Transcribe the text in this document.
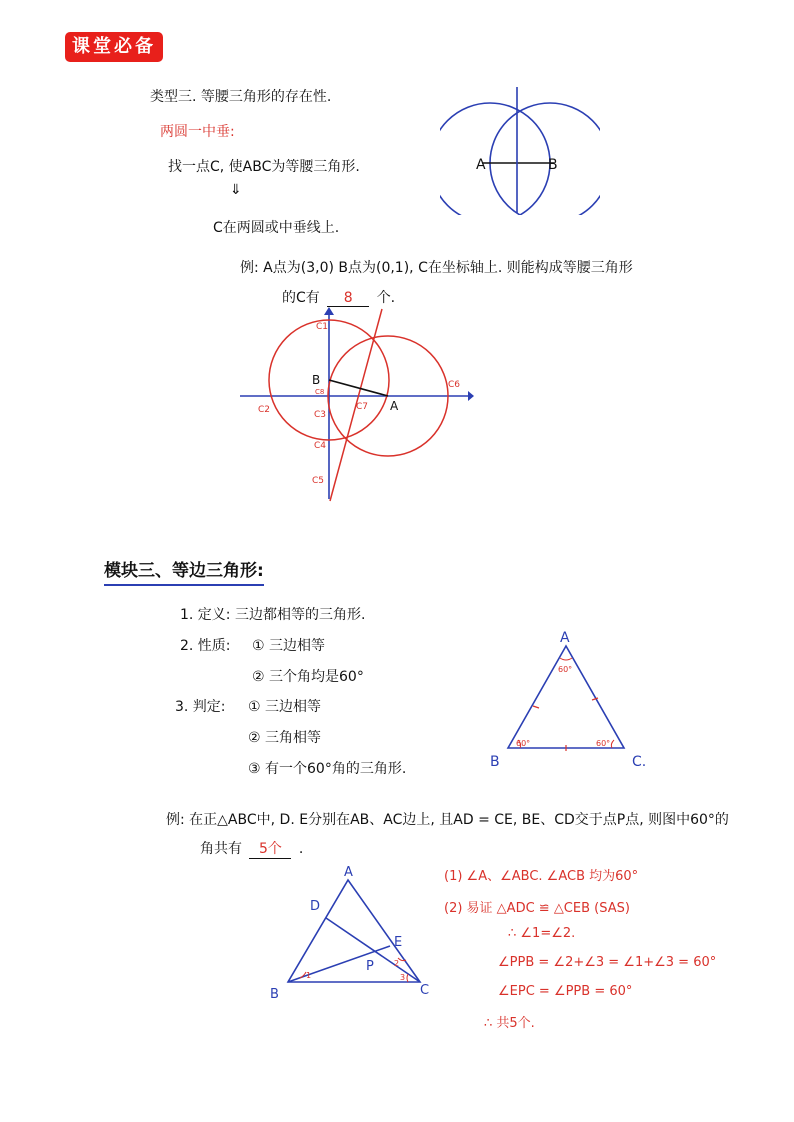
课堂必备
类型三. 等腰三角形的存在性.
两圆一中垂:
找一点C, 使ABC为等腰三角形.
⇓
C在两圆或中垂线上.
A	B
例: A点为(3,0) B点为(0,1), C在坐标轴上. 则能构成等腰三角形
的C有 8 个.
B
A
C1
C2	C3
C4
C5
C6
C7
C8
模块三、等边三角形:
1. 定义: 三边都相等的三角形.
2. 性质: ① 三边相等
② 三个角均是60°
3. 判定: ① 三边相等
② 三角相等
③ 有一个60°角的三角形.
60°
60°	60°
A
B	C.
例: 在正△ABC中, D. E分别在AB、AC边上, 且AD = CE, BE、CD交于点P点, 则图中60°的
角共有 5个 .
A
B	C
D
E
P
1
2
3
(1) ∠A、∠ABC. ∠ACB 均为60°
(2) 易证 △ADC ≌ △CEB (SAS)
∴ ∠1=∠2.
∠PPB = ∠2+∠3 = ∠1+∠3 = 60°
∠EPC = ∠PPB = 60°
∴ 共5个.
